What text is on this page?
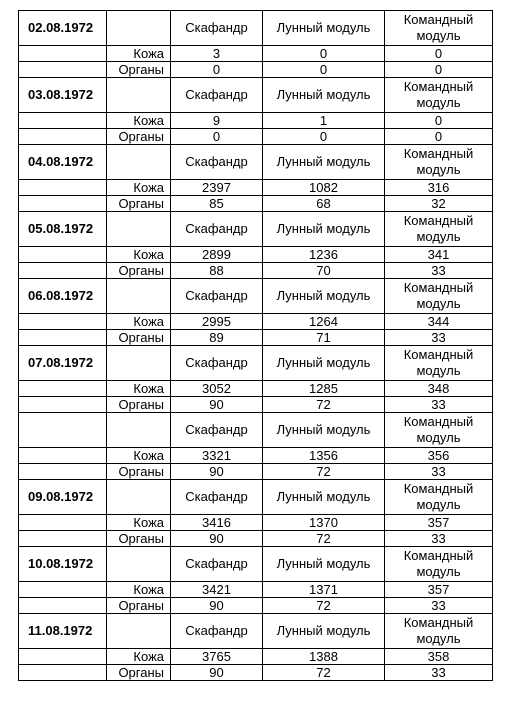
02.08.1972		Скафандр	Лунный модуль	Командный модуль
	Кожа	3	0	0
	Органы	0	0	0
03.08.1972		Скафандр	Лунный модуль	Командный модуль
	Кожа	9	1	0
	Органы	0	0	0
04.08.1972		Скафандр	Лунный модуль	Командный модуль
	Кожа	2397	1082	316
	Органы	85	68	32
05.08.1972		Скафандр	Лунный модуль	Командный модуль
	Кожа	2899	1236	341
	Органы	88	70	33
06.08.1972		Скафандр	Лунный модуль	Командный модуль
	Кожа	2995	1264	344
	Органы	89	71	33
07.08.1972		Скафандр	Лунный модуль	Командный модуль
	Кожа	3052	1285	348
	Органы	90	72	33
		Скафандр	Лунный модуль	Командный модуль
	Кожа	3321	1356	356
	Органы	90	72	33
09.08.1972		Скафандр	Лунный модуль	Командный модуль
	Кожа	3416	1370	357
	Органы	90	72	33
10.08.1972		Скафандр	Лунный модуль	Командный модуль
	Кожа	3421	1371	357
	Органы	90	72	33
11.08.1972		Скафандр	Лунный модуль	Командный модуль
	Кожа	3765	1388	358
	Органы	90	72	33
